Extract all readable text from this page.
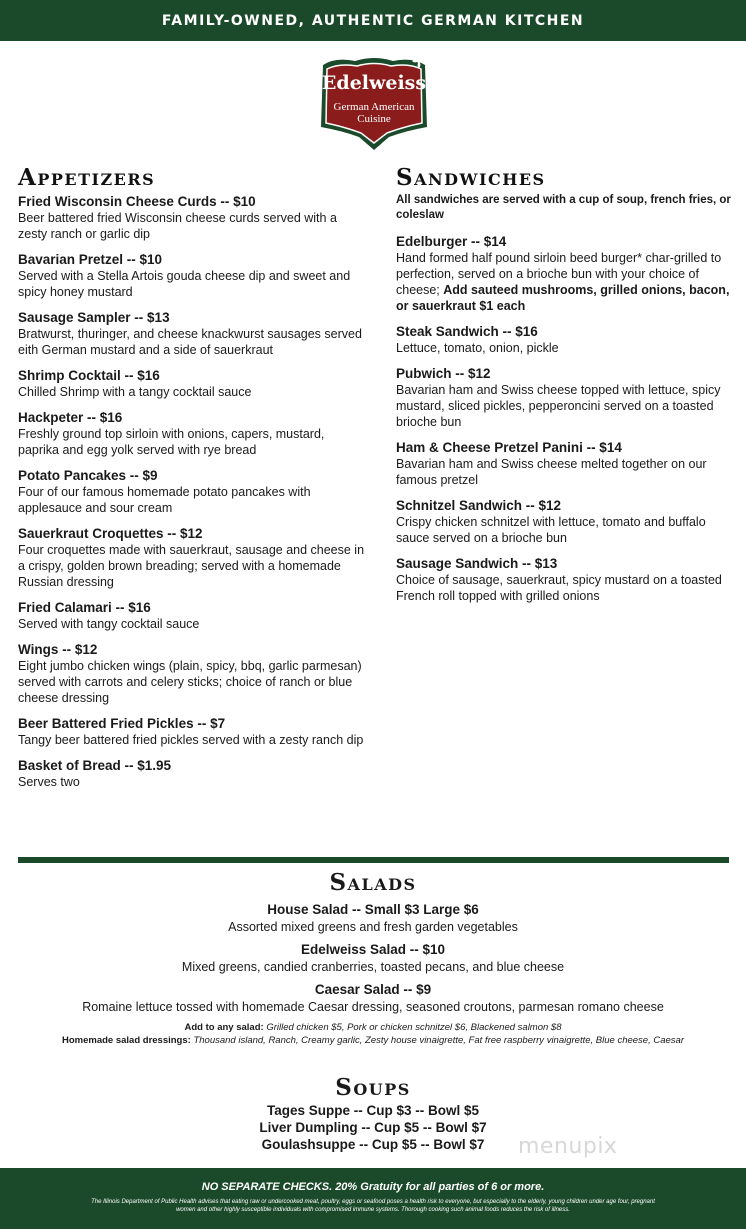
FAMILY-OWNED, AUTHENTIC GERMAN KITCHEN
Edelweiss
German American
Cuisine
Appetizers
Fried Wisconsin Cheese Curds -- $10
Beer battered fried Wisconsin cheese curds served with a zesty ranch or garlic dip
Bavarian Pretzel -- $10
Served with a Stella Artois gouda cheese dip and sweet and spicy honey mustard
Sausage Sampler -- $13
Bratwurst, thuringer, and cheese knackwurst sausages served eith German mustard and a side of sauerkraut
Shrimp Cocktail -- $16
Chilled Shrimp with a tangy cocktail sauce
Hackpeter -- $16
Freshly ground top sirloin with onions, capers, mustard, paprika and egg yolk served with rye bread
Potato Pancakes -- $9
Four of our famous homemade potato pancakes with applesauce and sour cream
Sauerkraut Croquettes -- $12
Four croquettes made with sauerkraut, sausage and cheese in a crispy, golden brown breading; served with a homemade Russian dressing
Fried Calamari -- $16
Served with tangy cocktail sauce
Wings -- $12
Eight jumbo chicken wings (plain, spicy, bbq, garlic parmesan) served with carrots and celery sticks; choice of ranch or blue cheese dressing
Beer Battered Fried Pickles -- $7
Tangy beer battered fried pickles served with a zesty ranch dip
Basket of Bread -- $1.95
Serves two
Sandwiches
All sandwiches are served with a cup of soup, french fries, or coleslaw
Edelburger -- $14
Hand formed half pound sirloin beed burger* char-grilled to perfection, served on a brioche bun with your choice of cheese; Add sauteed mushrooms, grilled onions, bacon, or sauerkraut $1 each
Steak Sandwich -- $16
Lettuce, tomato, onion, pickle
Pubwich -- $12
Bavarian ham and Swiss cheese topped with lettuce, spicy mustard, sliced pickles, pepperoncini served on a toasted brioche bun
Ham & Cheese Pretzel Panini -- $14
Bavarian ham and Swiss cheese melted together on our famous pretzel
Schnitzel Sandwich -- $12
Crispy chicken schnitzel with lettuce, tomato and buffalo sauce served on a brioche bun
Sausage Sandwich -- $13
Choice of sausage, sauerkraut, spicy mustard on a toasted French roll topped with grilled onions
Salads
House Salad -- Small $3 Large $6
Assorted mixed greens and fresh garden vegetables
Edelweiss Salad -- $10
Mixed greens, candied cranberries, toasted pecans, and blue cheese
Caesar Salad -- $9
Romaine lettuce tossed with homemade Caesar dressing, seasoned croutons, parmesan romano cheese
Add to any salad: Grilled chicken $5, Pork or chicken schnitzel $6, Blackened salmon $8
Homemade salad dressings: Thousand island, Ranch, Creamy garlic, Zesty house vinaigrette, Fat free raspberry vinaigrette, Blue cheese, Caesar
Soups
Tages Suppe -- Cup $3 -- Bowl $5
Liver Dumpling -- Cup $5 -- Bowl $7
Goulashsuppe -- Cup $5 -- Bowl $7	menupix
NO SEPARATE CHECKS. 20% Gratuity for all parties of 6 or more.
The Illinois Department of Public Health advises that eating raw or undercooked meat, poultry, eggs or seafood poses a health risk to everyone, but especially to the elderly, young children under age four, pregnant women and other highly susceptible individuals with compromised immune systems. Thorough cooking such animal foods reduces the risk of illness.
